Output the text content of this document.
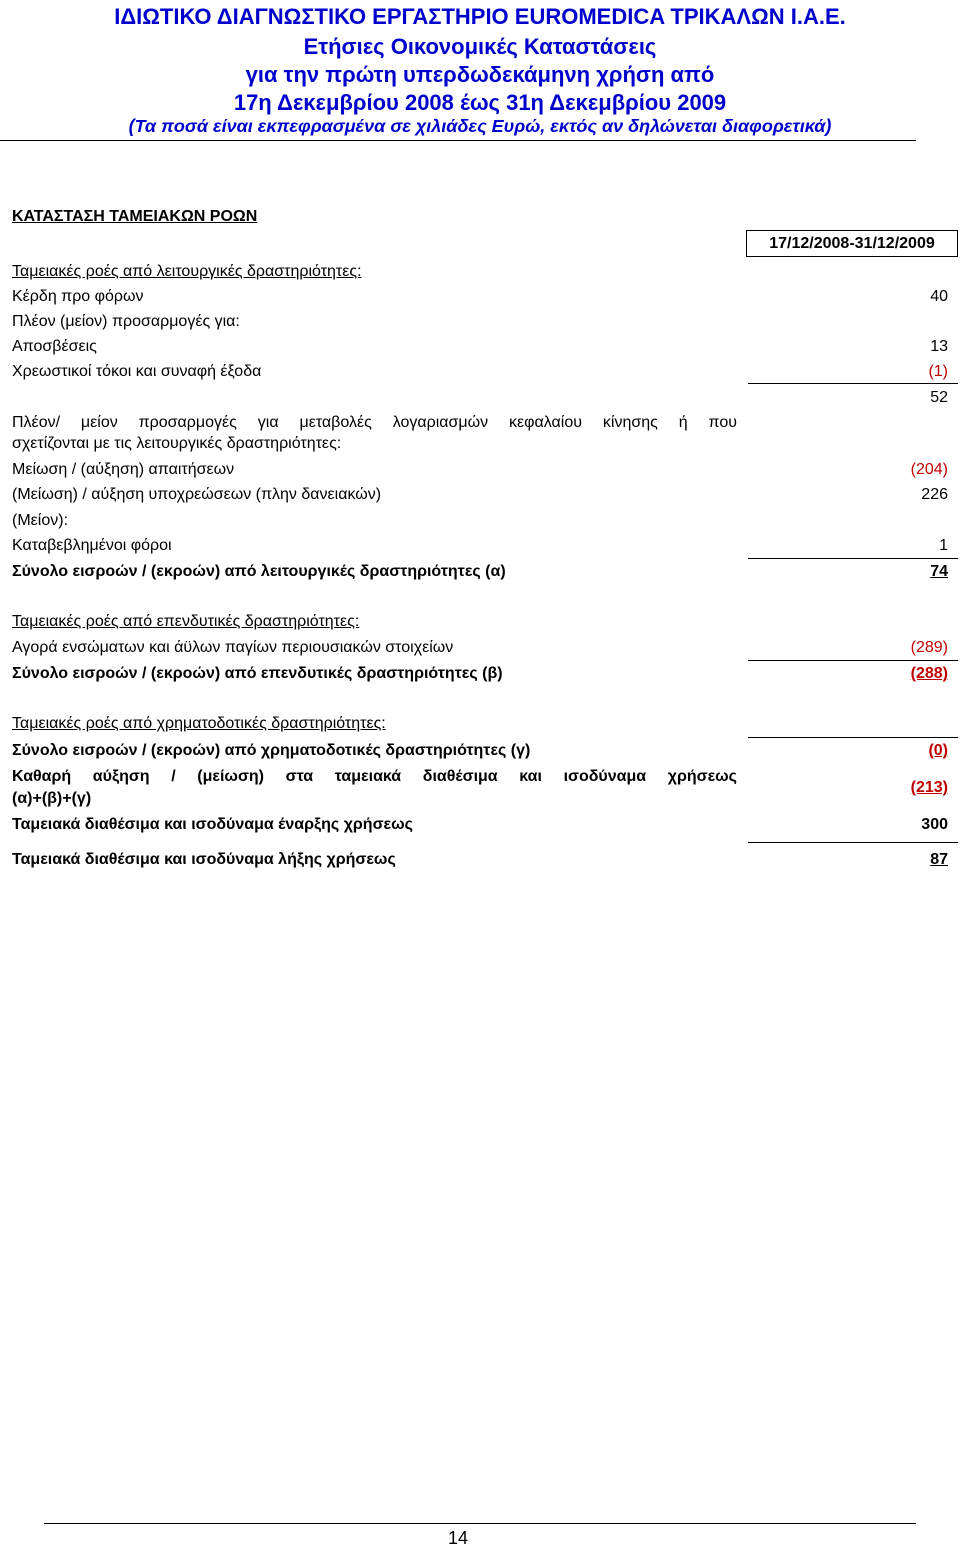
ΙΔΙΩΤΙΚΟ ΔΙΑΓΝΩΣΤΙΚΟ ΕΡΓΑΣΤΗΡΙΟ EUROMEDICA ΤΡΙΚΑΛΩΝ Ι.Α.Ε.
Ετήσιες Οικονομικές Καταστάσεις
για την πρώτη υπερδωδεκάμηνη χρήση από
17η Δεκεμβρίου 2008 έως 31η Δεκεμβρίου 2009
(Τα ποσά είναι εκπεφρασμένα σε χιλιάδες Ευρώ, εκτός αν δηλώνεται διαφορετικά)
ΚΑΤΑΣΤΑΣΗ ΤΑΜΕΙΑΚΩΝ ΡΟΩΝ
17/12/2008-31/12/2009
Ταμειακές ροές από λειτουργικές δραστηριότητες:
Κέρδη προ φόρων	40
Πλέον (μείον) προσαρμογές για:
Αποσβέσεις	13
Χρεωστικοί τόκοι και συναφή έξοδα	(1)
52
Πλέον/ μείον προσαρμογές για μεταβολές λογαριασμών κεφαλαίου κίνησης ή που
σχετίζονται με τις λειτουργικές δραστηριότητες:
Μείωση / (αύξηση) απαιτήσεων	(204)
(Μείωση) / αύξηση υποχρεώσεων (πλην δανειακών)	226
(Μείον):
Καταβεβλημένοι φόροι	1
Σύνολο εισροών / (εκροών) από λειτουργικές δραστηριότητες (α)	74
Ταμειακές ροές από επενδυτικές δραστηριότητες:
Αγορά ενσώματων και άϋλων παγίων περιουσιακών στοιχείων	(289)
Σύνολο εισροών / (εκροών) από επενδυτικές δραστηριότητες (β)	(288)
Ταμειακές ροές από χρηματοδοτικές δραστηριότητες:
Σύνολο εισροών / (εκροών) από χρηματοδοτικές δραστηριότητες (γ)	(0)
Καθαρή αύξηση / (μείωση) στα ταμειακά διαθέσιμα και ισοδύναμα χρήσεως
(α)+(β)+(γ)
(213)
Ταμειακά διαθέσιμα και ισοδύναμα έναρξης χρήσεως	300
Ταμειακά διαθέσιμα και ισοδύναμα λήξης χρήσεως	87
14
